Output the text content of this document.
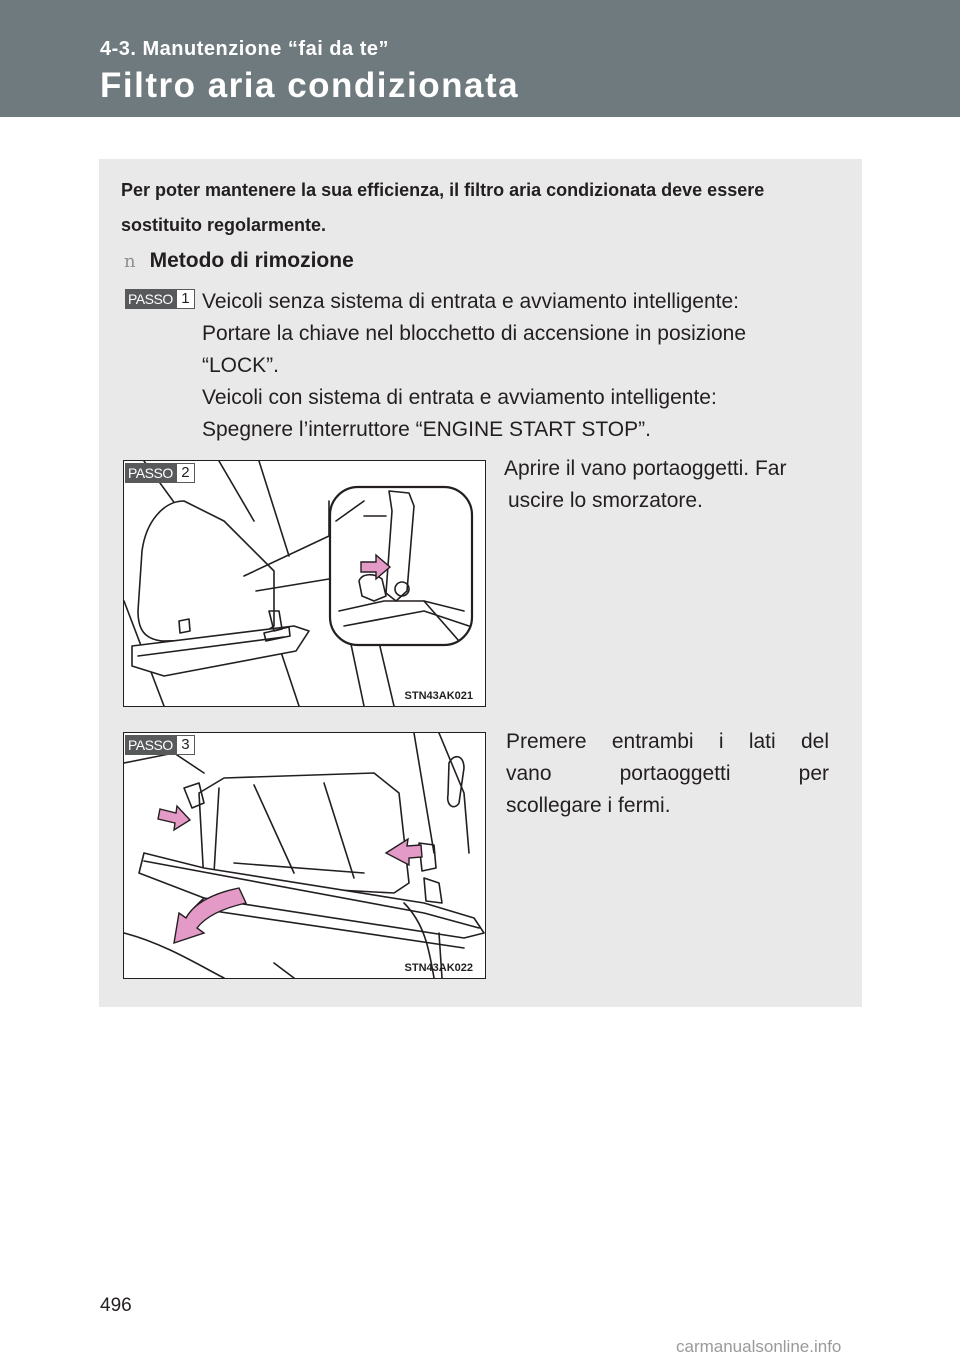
4-3. Manutenzione “fai da te”
Filtro aria condizionata
Per poter mantenere la sua efficienza, il filtro aria condizionata deve essere sostituito regolarmente.
n Metodo di rimozione
PASSO 1 Veicoli senza sistema di entrata e avviamento intelligente:
Portare la chiave nel blocchetto di accensione in posizione
“LOCK”.
Veicoli con sistema di entrata e avviamento intelligente:
Spegnere l’interruttore “ENGINE START STOP”.
STN43AK021
PASSO 2	Aprire il vano portaoggetti. Far
uscire lo smorzatore.
STN43AK022
PASSO 3	Premere entrambi i lati del
vano portaoggetti per
scollegare i fermi.
496
carmanualsonline.info
